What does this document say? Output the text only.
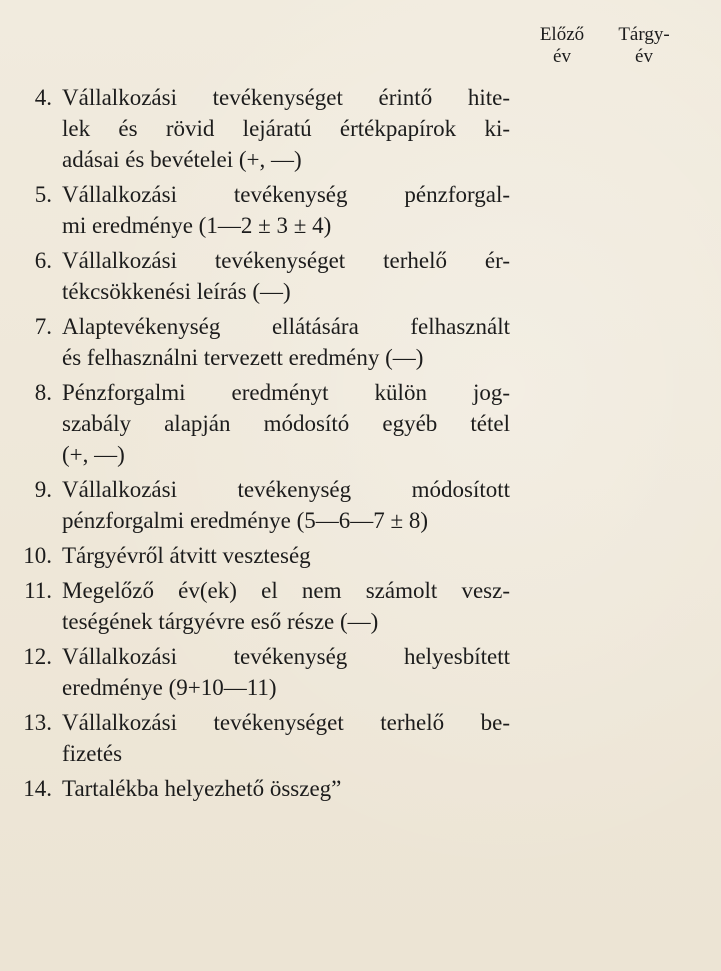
Előző
év
Tárgy-
év
4. Vállalkozási tevékenységet érintő hite-
lek és rövid lejáratú értékpapírok ki-
adásai és bevételei (+, —)
5. Vállalkozási tevékenység pénzforgal-
mi eredménye (1—2 ± 3 ± 4)
6. Vállalkozási tevékenységet terhelő ér-
tékcsökkenési leírás (—)
7. Alaptevékenység ellátására felhasznált
és felhasználni tervezett eredmény (—)
8. Pénzforgalmi eredményt külön jog-
szabály alapján módosító egyéb tétel
(+, —)
9. Vállalkozási tevékenység módosított
pénzforgalmi eredménye (5—6—7 ± 8)
10. Tárgyévről átvitt veszteség
11. Megelőző év(ek) el nem számolt vesz-
teségének tárgyévre eső része (—)
12. Vállalkozási tevékenység helyesbített
eredménye (9+10—11)
13. Vállalkozási tevékenységet terhelő be-
fizetés
14. Tartalékba helyezhető összeg”
